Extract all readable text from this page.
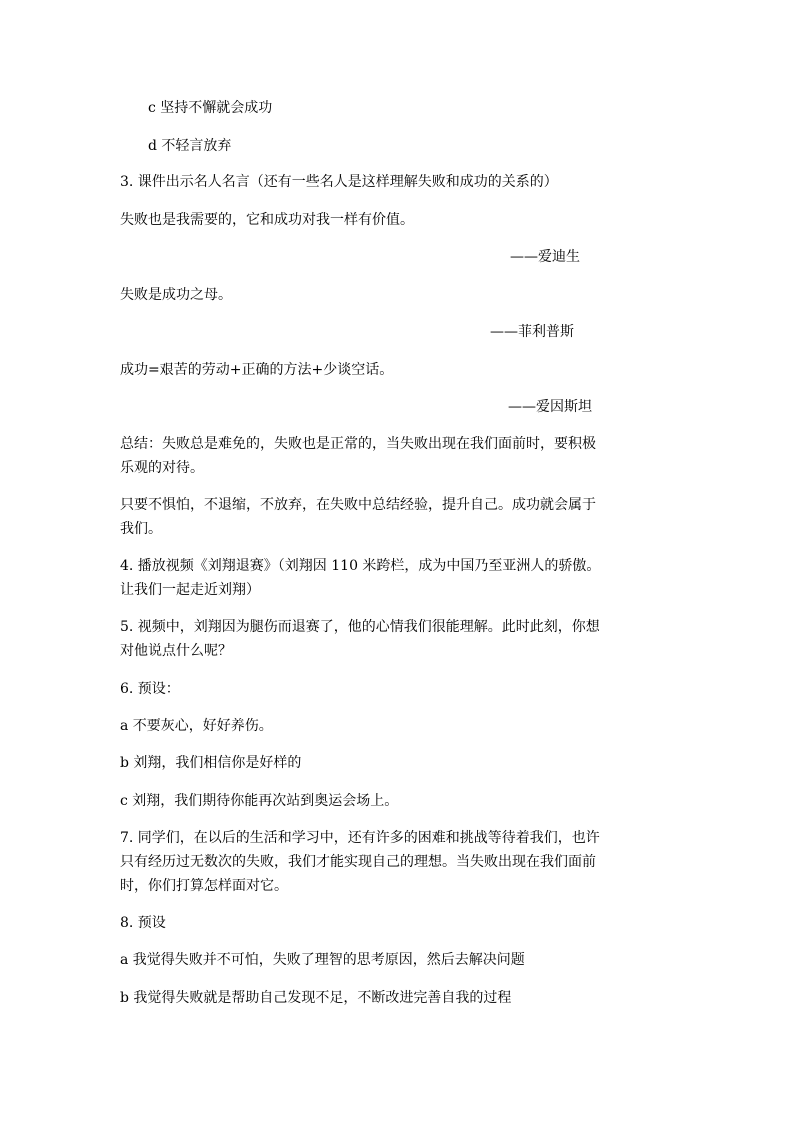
c 坚持不懈就会成功
d 不轻言放弃
3. 课件出示名人名言（还有一些名人是这样理解失败和成功的关系的）
失败也是我需要的，它和成功对我一样有价值。
——爱迪生
失败是成功之母。
——菲利普斯
成功=艰苦的劳动+正确的方法+少谈空话。
——爱因斯坦
总结：失败总是难免的，失败也是正常的，当失败出现在我们面前时，要积极
乐观的对待。
只要不惧怕，不退缩，不放弃，在失败中总结经验，提升自己。成功就会属于
我们。
4. 播放视频《刘翔退赛》（刘翔因 110 米跨栏，成为中国乃至亚洲人的骄傲。
让我们一起走近刘翔）
5. 视频中，刘翔因为腿伤而退赛了，他的心情我们很能理解。此时此刻，你想
对他说点什么呢？
6. 预设：
a 不要灰心，好好养伤。
b 刘翔，我们相信你是好样的
c 刘翔，我们期待你能再次站到奥运会场上。
7. 同学们，在以后的生活和学习中，还有许多的困难和挑战等待着我们，也许
只有经历过无数次的失败，我们才能实现自己的理想。当失败出现在我们面前
时，你们打算怎样面对它。
8. 预设
a 我觉得失败并不可怕，失败了理智的思考原因，然后去解决问题
b 我觉得失败就是帮助自己发现不足，不断改进完善自我的过程
